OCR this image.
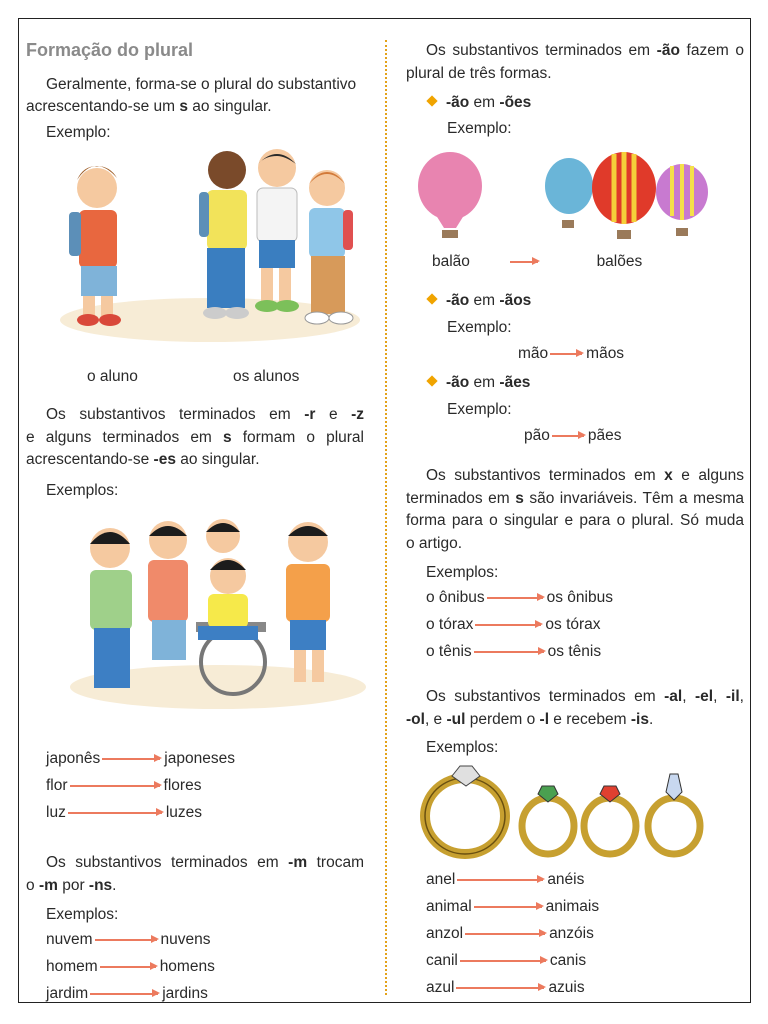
Formação do plural
Geralmente, forma-se o plural do substantivo
acrescentando-se um s ao singular.
Exemplo:
o aluno	os alunos
Os substantivos terminados em -r e -z
e alguns terminados em s formam o plural
acrescentando-se -es ao singular.
Exemplos:
japonês	japoneses
flor	flores
luz	luzes
Os substantivos terminados em -m trocam
o -m por -ns.
Exemplos:
nuvem	nuvens
homem	homens
jardim	jardins
Os substantivos terminados em -ão fazem o
plural de três formas.
-ão em -ões
Exemplo:
balão	balões
-ão em -ãos
Exemplo:
mão mãos
-ão em -ães
Exemplo:
pão pães
Os substantivos terminados em x e alguns
terminados em s são invariáveis. Têm a mesma
forma para o singular e para o plural. Só muda
o artigo.
Exemplos:
o ônibus	os ônibus
o tórax	os tórax
o tênis	os tênis
Os substantivos terminados em -al, -el, -il,
-ol, e -ul perdem o -l e recebem -is.
Exemplos:
anel	anéis
animal	animais
anzol	anzóis
canil	canis
azul	azuis
